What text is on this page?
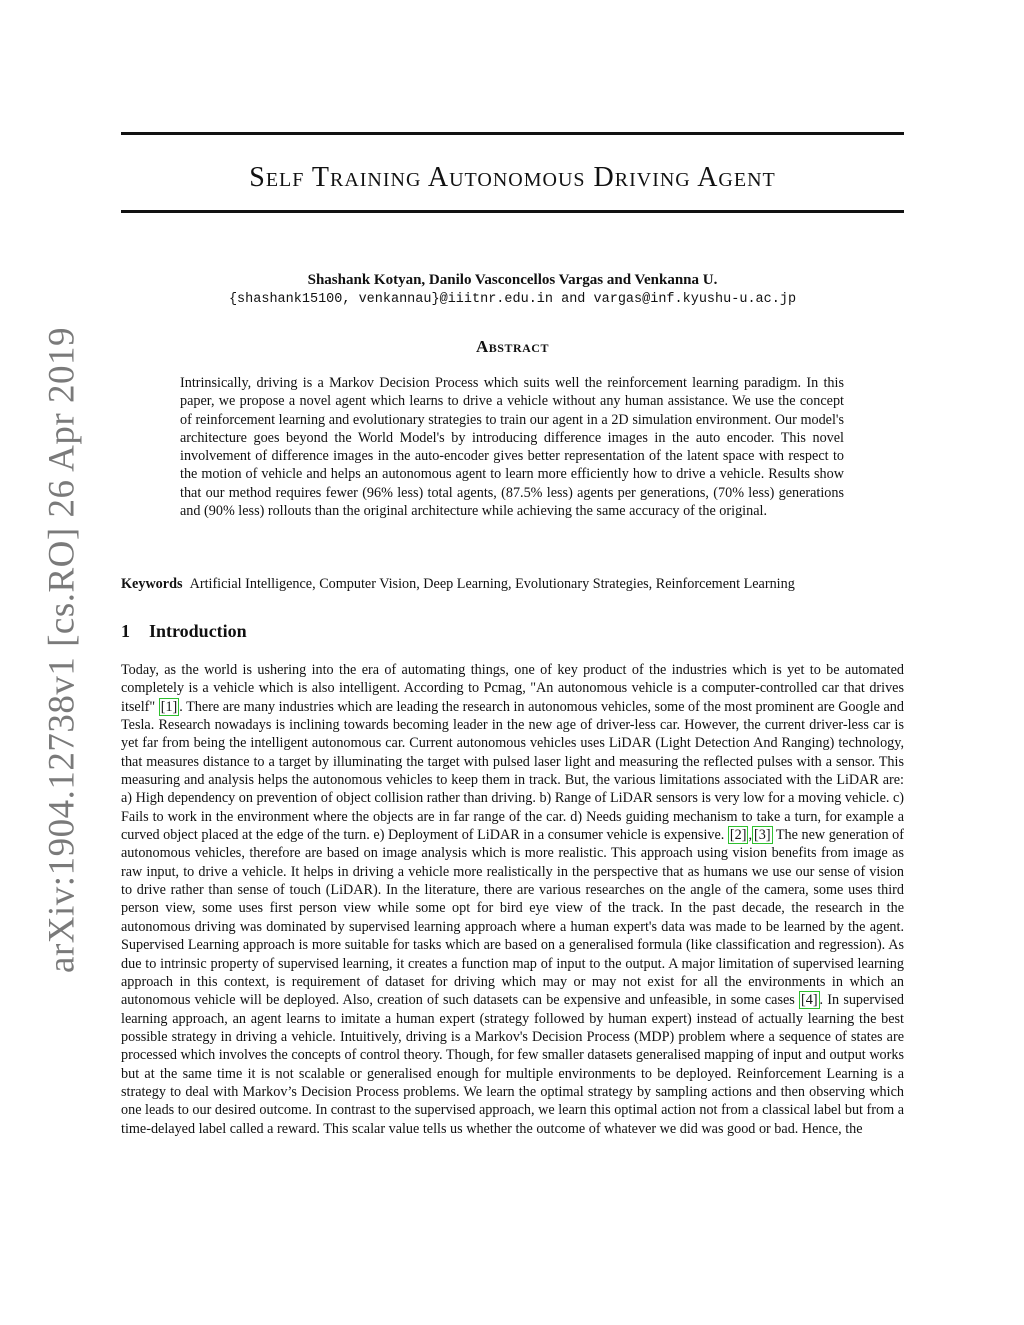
arXiv:1904.12738v1 [cs.RO] 26 Apr 2019
Self Training Autonomous Driving Agent
Shashank Kotyan, Danilo Vasconcellos Vargas and Venkanna U.
{shashank15100, venkannau}@iiitnr.edu.in and vargas@inf.kyushu-u.ac.jp
Abstract
Intrinsically, driving is a Markov Decision Process which suits well the reinforcement learning paradigm. In this paper, we propose a novel agent which learns to drive a vehicle without any human assistance. We use the concept of reinforcement learning and evolutionary strategies to train our agent in a 2D simulation environment. Our model's architecture goes beyond the World Model's by introducing difference images in the auto encoder. This novel involvement of difference images in the auto-encoder gives better representation of the latent space with respect to the motion of vehicle and helps an autonomous agent to learn more efficiently how to drive a vehicle. Results show that our method requires fewer (96% less) total agents, (87.5% less) agents per generations, (70% less) generations and (90% less) rollouts than the original architecture while achieving the same accuracy of the original.
Keywords Artificial Intelligence, Computer Vision, Deep Learning, Evolutionary Strategies, Reinforcement Learning
1 Introduction
Today, as the world is ushering into the era of automating things, one of key product of the industries which is yet to be automated completely is a vehicle which is also intelligent. According to Pcmag, "An autonomous vehicle is a computer-controlled car that drives itself" [1] . There are many industries which are leading the research in autonomous vehicles, some of the most prominent are Google and Tesla. Research nowadays is inclining towards becoming leader in the new age of driver-less car. However, the current driver-less car is yet far from being the intelligent autonomous car. Current autonomous vehicles uses LiDAR (Light Detection And Ranging) technology, that measures distance to a target by illuminating the target with pulsed laser light and measuring the reflected pulses with a sensor. This measuring and analysis helps the autonomous vehicles to keep them in track. But, the various limitations associated with the LiDAR are: a) High dependency on prevention of object collision rather than driving. b) Range of LiDAR sensors is very low for a moving vehicle. c) Fails to work in the environment where the objects are in far range of the car. d) Needs guiding mechanism to take a turn, for example a curved object placed at the edge of the turn. e) Deployment of LiDAR in a consumer vehicle is expensive. [2] , [3] The new generation of autonomous vehicles, therefore are based on image analysis which is more realistic. This approach using vision benefits from image as raw input, to drive a vehicle. It helps in driving a vehicle more realistically in the perspective that as humans we use our sense of vision to drive rather than sense of touch (LiDAR). In the literature, there are various researches on the angle of the camera, some uses third person view, some uses first person view while some opt for bird eye view of the track. In the past decade, the research in the autonomous driving was dominated by supervised learning approach where a human expert's data was made to be learned by the agent. Supervised Learning approach is more suitable for tasks which are based on a generalised formula (like classification and regression). As due to intrinsic property of supervised learning, it creates a function map of input to the output. A major limitation of supervised learning approach in this context, is requirement of dataset for driving which may or may not exist for all the environments in which an autonomous vehicle will be deployed. Also, creation of such datasets can be expensive and unfeasible, in some cases [4] . In supervised learning approach, an agent learns to imitate a human expert (strategy followed by human expert) instead of actually learning the best possible strategy in driving a vehicle. Intuitively, driving is a Markov's Decision Process (MDP) problem where a sequence of states are processed which involves the concepts of control theory. Though, for few smaller datasets generalised mapping of input and output works but at the same time it is not scalable or generalised enough for multiple environments to be deployed. Reinforcement Learning is a strategy to deal with Markov’s Decision Process problems. We learn the optimal strategy by sampling actions and then observing which one leads to our desired outcome. In contrast to the supervised approach, we learn this optimal action not from a classical label but from a time-delayed label called a reward. This scalar value tells us whether the outcome of whatever we did was good or bad. Hence, the
